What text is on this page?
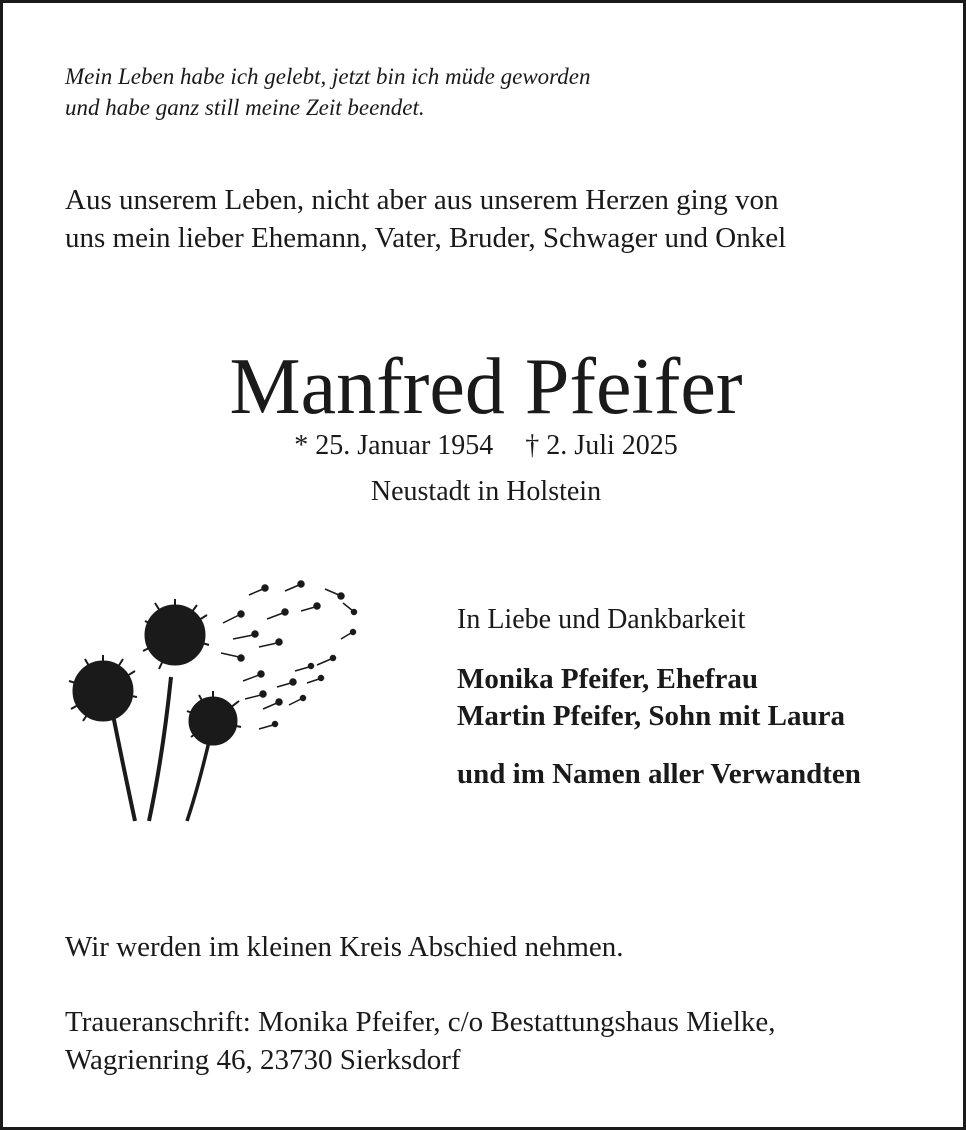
Mein Leben habe ich gelebt, jetzt bin ich müde geworden
und habe ganz still meine Zeit beendet.
Aus unserem Leben, nicht aber aus unserem Herzen ging von
uns mein lieber Ehemann, Vater, Bruder, Schwager und Onkel
Manfred Pfeifer
* 25. Januar 1954 † 2. Juli 2025
Neustadt in Holstein
In Liebe und Dankbarkeit
Monika Pfeifer, Ehefrau
Martin Pfeifer, Sohn mit Laura
und im Namen aller Verwandten
Wir werden im kleinen Kreis Abschied nehmen.
Traueranschrift: Monika Pfeifer, c/o Bestattungshaus Mielke,
Wagrienring 46, 23730 Sierksdorf
